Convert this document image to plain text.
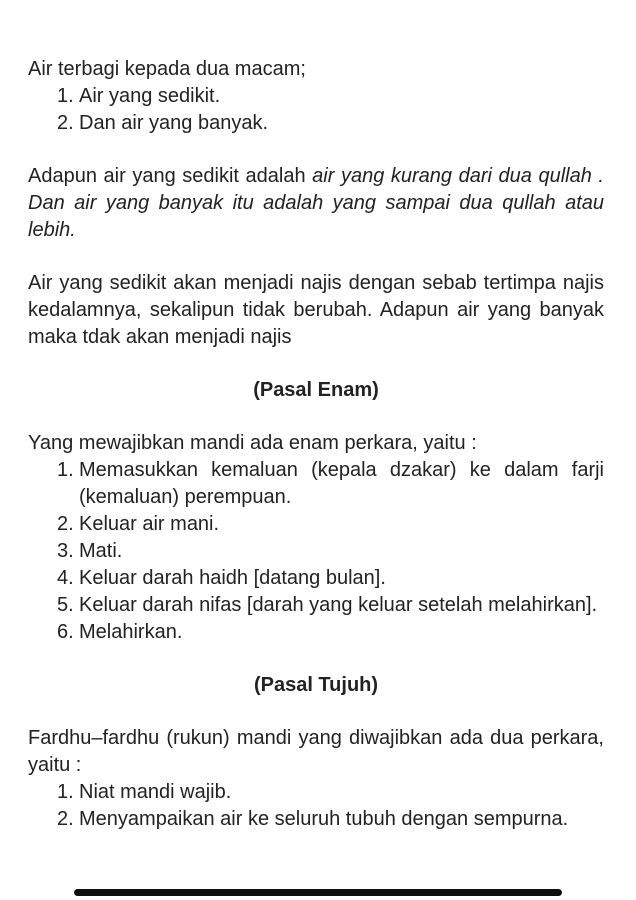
Air terbagi kepada dua macam;
1. Air yang sedikit.
2. Dan air yang banyak.
Adapun air yang sedikit adalah air yang kurang dari dua qullah .
Dan air yang banyak itu adalah yang sampai dua qullah atau
lebih.
Air yang sedikit akan menjadi najis dengan sebab tertimpa najis
kedalamnya, sekalipun tidak berubah. Adapun air yang banyak
maka tdak akan menjadi najis
(Pasal Enam)
Yang mewajibkan mandi ada enam perkara, yaitu :
1. Memasukkan kemaluan (kepala dzakar) ke dalam farji
(kemaluan) perempuan.
2. Keluar air mani.
3. Mati.
4. Keluar darah haidh [datang bulan].
5. Keluar darah nifas [darah yang keluar setelah melahirkan].
6. Melahirkan.
(Pasal Tujuh)
Fardhu–fardhu (rukun) mandi yang diwajibkan ada dua perkara,
yaitu :
1. Niat mandi wajib.
2. Menyampaikan air ke seluruh tubuh dengan sempurna.
